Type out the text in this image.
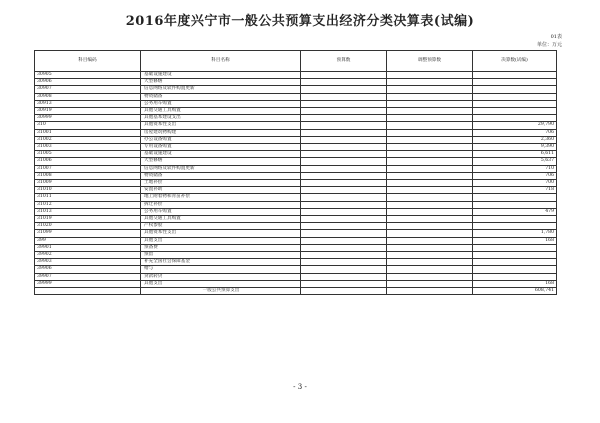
2016年度兴宁市一般公共预算支出经济分类决算表(试编)
01表
单位：万元
科目编码	科目名称	预算数	调整预算数	决算数(试编)
30905	基础设施建设			
30906	大型修缮			
30907	信息网络及软件购置更新			
30908	物资储备			
30913	公务用车购置			
30919	其他交通工具购置			
30999	其他基本建设支出			
310	其他资本性支出			29,790
31001	房屋建筑物购建			706
31002	办公设备购置			2,360
31003	专用设备购置			9,390
31005	基础设施建设			6,611
31006	大型修缮			5,637
31007	信息网络及软件购置更新			710
31008	物资储备			706
31009	土地补偿			700
31010	安置补助			718
31011	地上附着物和青苗补偿			
31012	拆迁补偿			
31013	公务用车购置			479
31019	其他交通工具购置			
31020	产权参股			
31099	其他资本性支出			1,780
399	其他支出			168
39901	预备费			
39902	预留			
39903	补充全国社会保障基金			
39906	赠与			
39907	贷款转贷			
39999	其他支出			168
	一般公共预算支出			608,741
- 3 -
